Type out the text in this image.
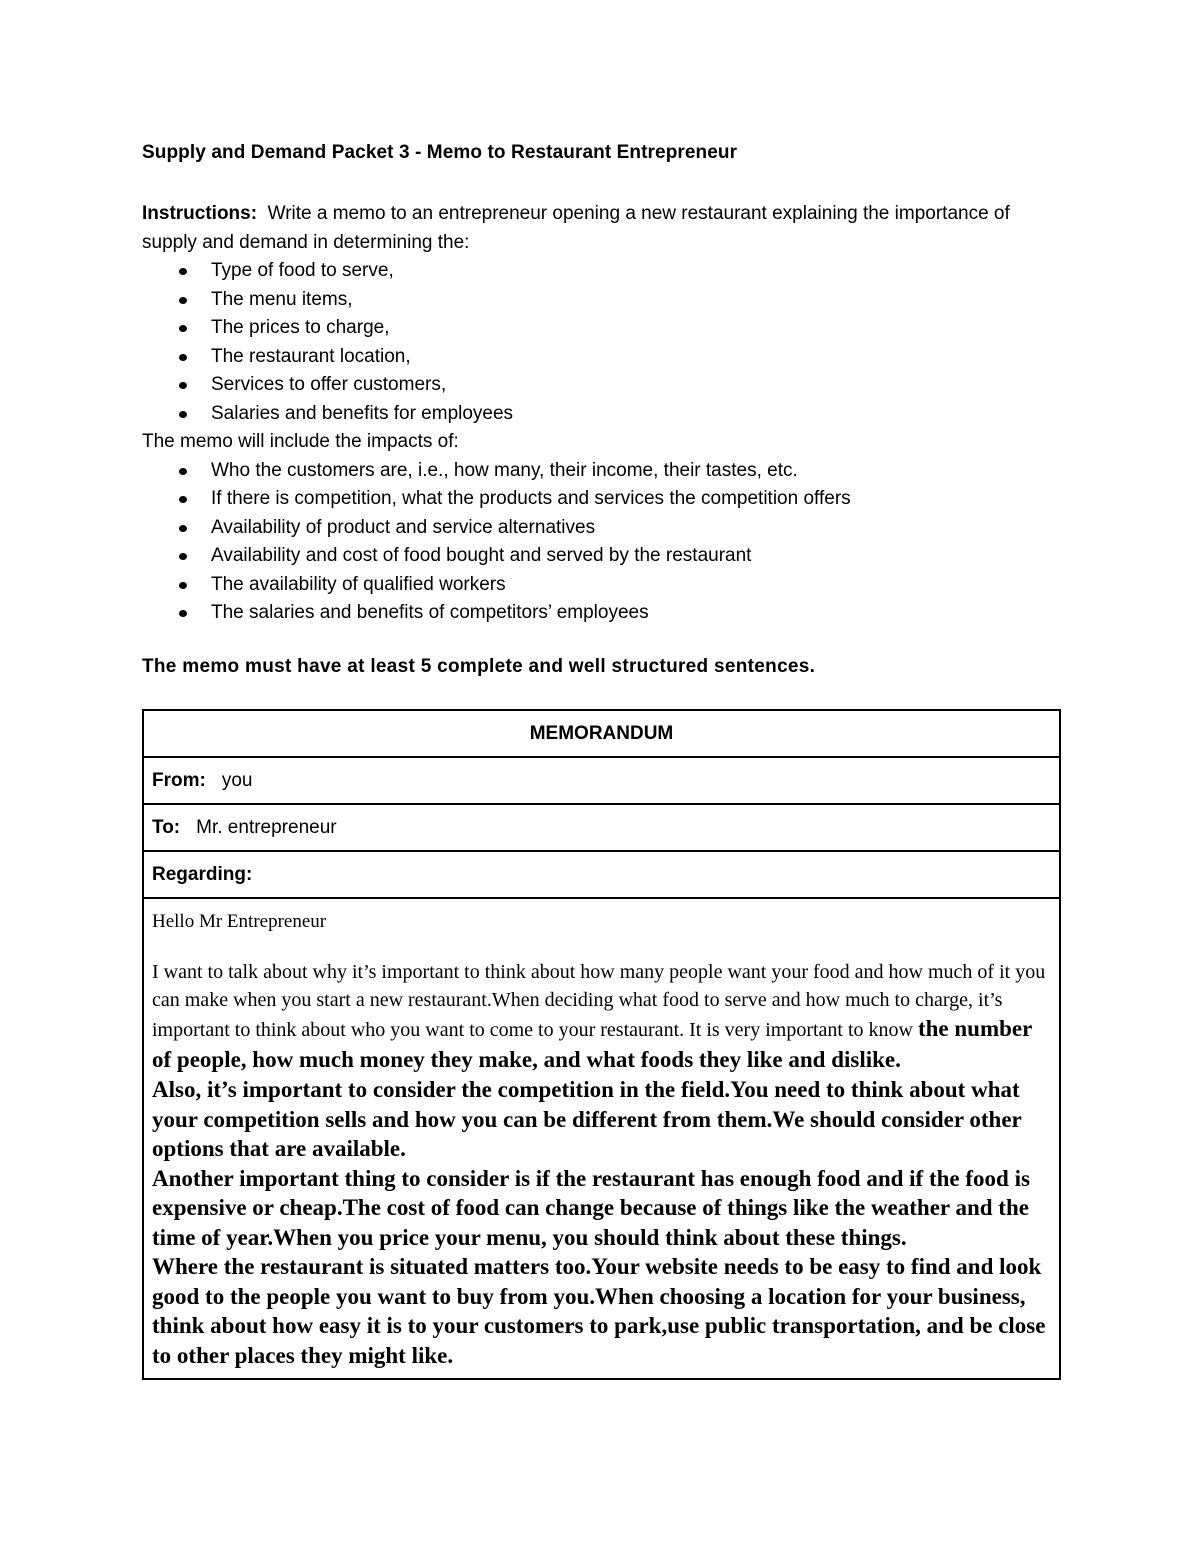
Supply and Demand Packet 3 - Memo to Restaurant Entrepreneur
Instructions: Write a memo to an entrepreneur opening a new restaurant explaining the importance of supply and demand in determining the:
Type of food to serve,
The menu items,
The prices to charge,
The restaurant location,
Services to offer customers,
Salaries and benefits for employees
The memo will include the impacts of:
Who the customers are, i.e., how many, their income, their tastes, etc.
If there is competition, what the products and services the competition offers
Availability of product and service alternatives
Availability and cost of food bought and served by the restaurant
The availability of qualified workers
The salaries and benefits of competitors’ employees
The memo must have at least 5 complete and well structured sentences.
MEMORANDUM
From: you
To: Mr. entrepreneur
Regarding:

Hello Mr Entrepreneur

I want to talk about why it’s important to think about how many people want your food and how much of it you can make when you start a new restaurant.When deciding what food to serve and how much to charge, it’s important to think about who you want to come to your restaurant. It is very important to know the number of people, how much money they make, and what foods they like and dislike.

Also, it’s important to consider the competition in the field.You need to think about what your competition sells and how you can be different from them.We should consider other options that are available.

Another important thing to consider is if the restaurant has enough food and if the food is expensive or cheap.The cost of food can change because of things like the weather and the time of year.When you price your menu, you should think about these things.

Where the restaurant is situated matters too.Your website needs to be easy to find and look good to the people you want to buy from you.When choosing a location for your business, think about how easy it is to your customers to park,use public transportation, and be close to other places they might like.
